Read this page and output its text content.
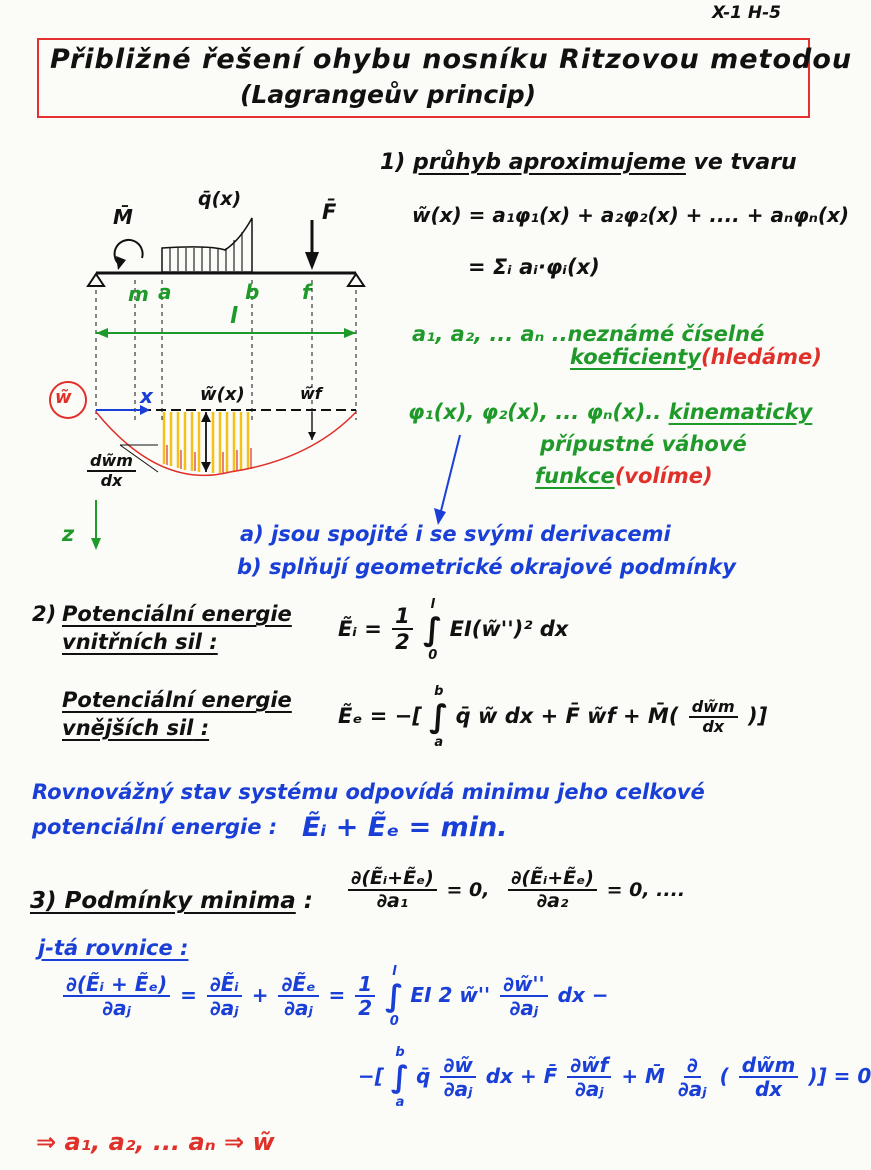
X-1 H-5
Přibližné řešení ohybu nosníku Ritzovou metodou
(Lagrangeův princip)
1) průhyb aproximujeme ve tvaru
w̃(x) = a₁φ₁(x) + a₂φ₂(x) + .... + aₙφₙ(x)
= Σᵢ aᵢ·φᵢ(x)
a₁, a₂, ... aₙ ..neznámé číselné
koeficienty(hledáme)
φ₁(x), φ₂(x), ... φₙ(x).. kinematicky
přípustné váhové
funkce(volíme)
a) jsou spojité i se svými derivacemi
b) splňují geometrické okrajové podmínky
M̄
q̄(x)
F̄
m a	b f
l
w̃	x	w̃(x)	w̃f
$\frac{dw̃m}{dx}$
z
2) Potenciální energie
vnitřních sil :
Ẽᵢ = $\frac{1}{2}$

l
∫
0
EI(w̃'')² dx
Potenciální energie
vnějších sil :	Ẽₑ = −[
b
∫
a
q̄ w̃ dx + F̄ w̃f + M̄( $\frac{dw̃m}{dx}$ )]
Rovnovážný stav systému odpovídá minimu jeho celkové
potenciální energie : Ẽᵢ + Ẽₑ = min.
3) Podmínky minima : $\frac{\text{∂(Ẽᵢ+Ẽₑ)}}{\text{∂a₁}} = 0$, $\frac{\text{∂(Ẽᵢ+Ẽₑ)}}{\text{∂a₂}} = 0$, ....
j-tá rovnice :
$\frac{\text{∂(Ẽᵢ + Ẽₑ)}}{\text{∂aⱼ}} = \frac{\text{∂Ẽᵢ}}{\text{∂aⱼ}} + \frac{\text{∂Ẽₑ}}{\text{∂aⱼ}} = \frac{1}{2}$

l
∫
0
EI 2 w̃'' $\frac{\partial w̃''}{\text{∂aⱼ}}$ dx −
−[
b
∫
a
q̄ $\frac{\partial w̃}{\text{∂aⱼ}}$ dx + F̄ $\frac{\partial w̃f}{\text{∂aⱼ}}$ + M̄ $\frac{\partial}{\text{∂aⱼ}}$ ( $\frac{dw̃m}{dx}$ )] = 0
⇒ a₁, a₂, ... aₙ ⇒ w̃
